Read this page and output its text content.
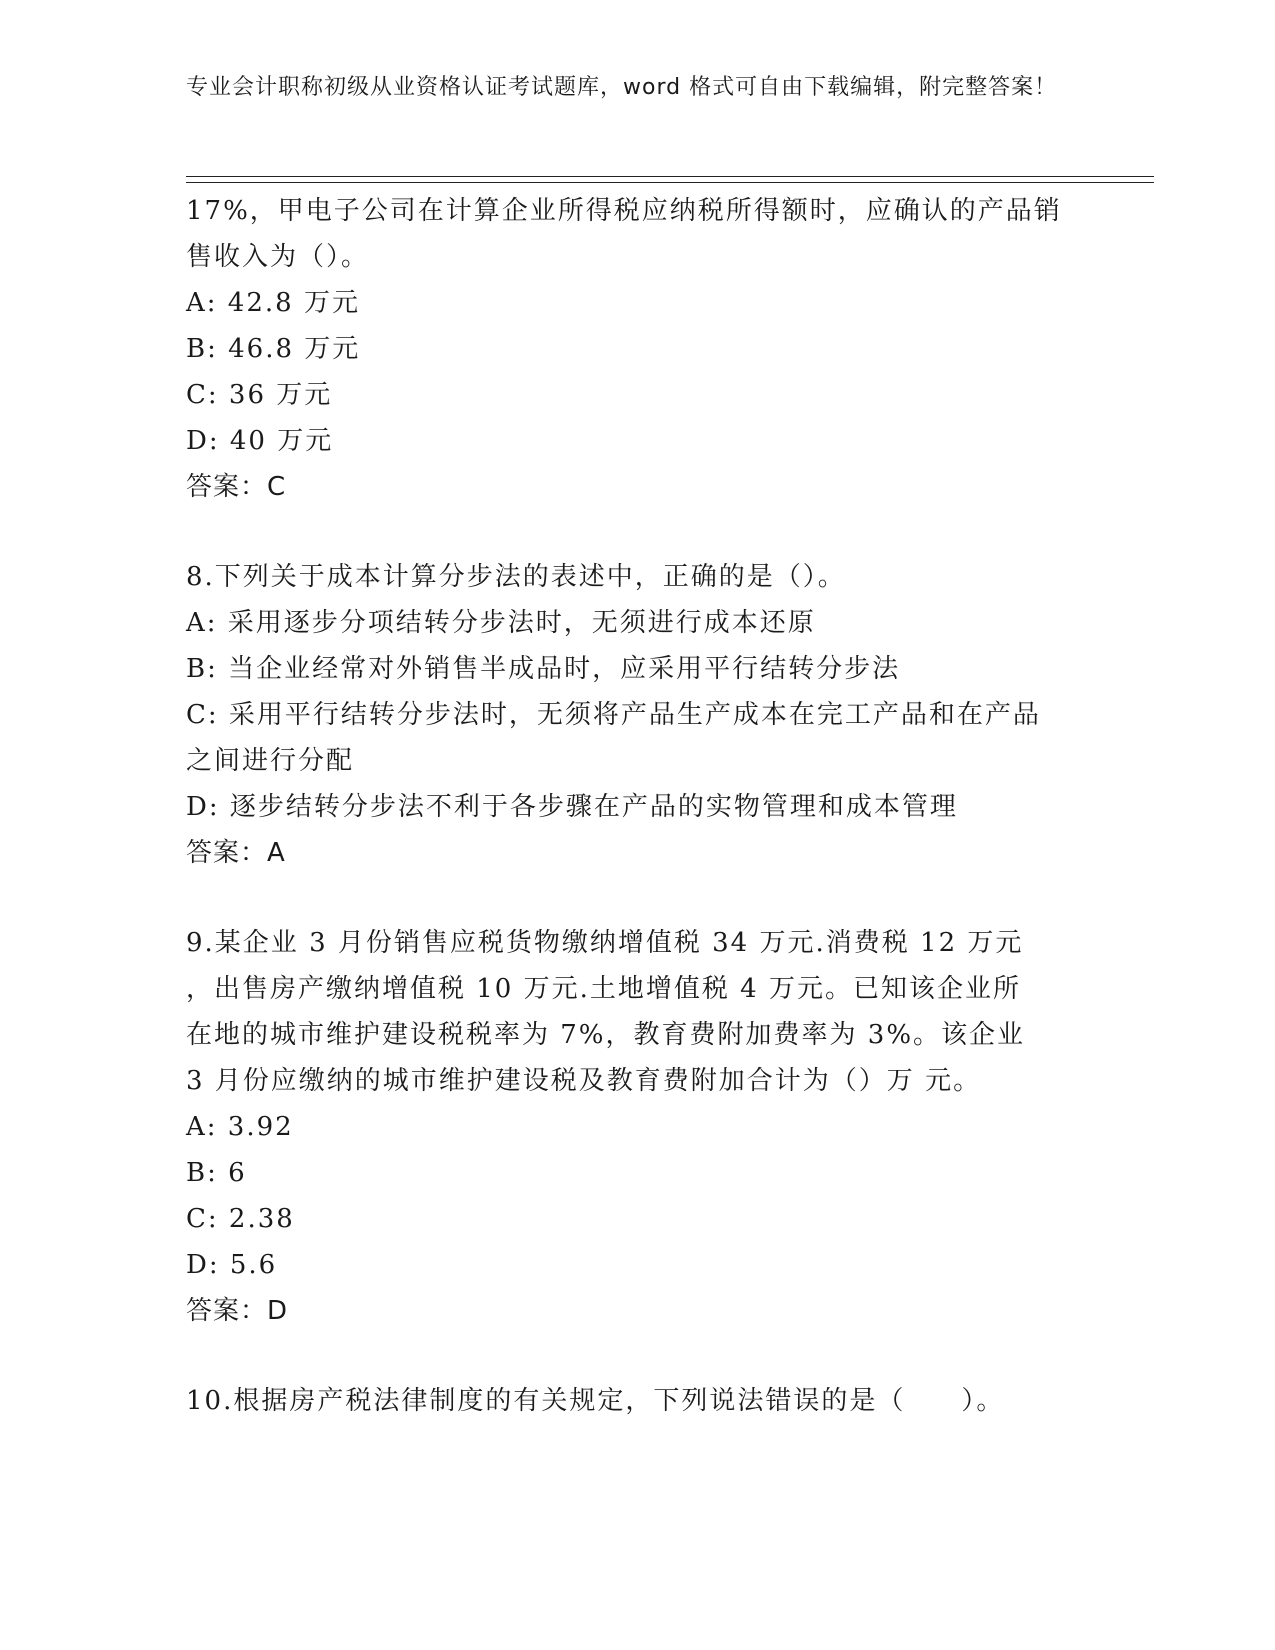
专业会计职称初级从业资格认证考试题库，word 格式可自由下载编辑，附完整答案！
17%，甲电子公司在计算企业所得税应纳税所得额时，应确认的产品销
售收入为（）。
A: 42.8 万元
B: 46.8 万元
C: 36 万元
D: 40 万元
答案：C
8.下列关于成本计算分步法的表述中，正确的是（）。
A: 采用逐步分项结转分步法时，无须进行成本还原
B: 当企业经常对外销售半成品时，应采用平行结转分步法
C: 采用平行结转分步法时，无须将产品生产成本在完工产品和在产品
之间进行分配
D: 逐步结转分步法不利于各步骤在产品的实物管理和成本管理
答案：A
9.某企业 3 月份销售应税货物缴纳增值税 34 万元.消费税 12 万元
，出售房产缴纳增值税 10 万元.土地增值税 4 万元。已知该企业所
在地的城市维护建设税税率为 7%，教育费附加费率为 3%。该企业
3 月份应缴纳的城市维护建设税及教育费附加合计为（）万 元。
A: 3.92
B: 6
C: 2.38
D: 5.6
答案：D
10.根据房产税法律制度的有关规定，下列说法错误的是（　　）。
